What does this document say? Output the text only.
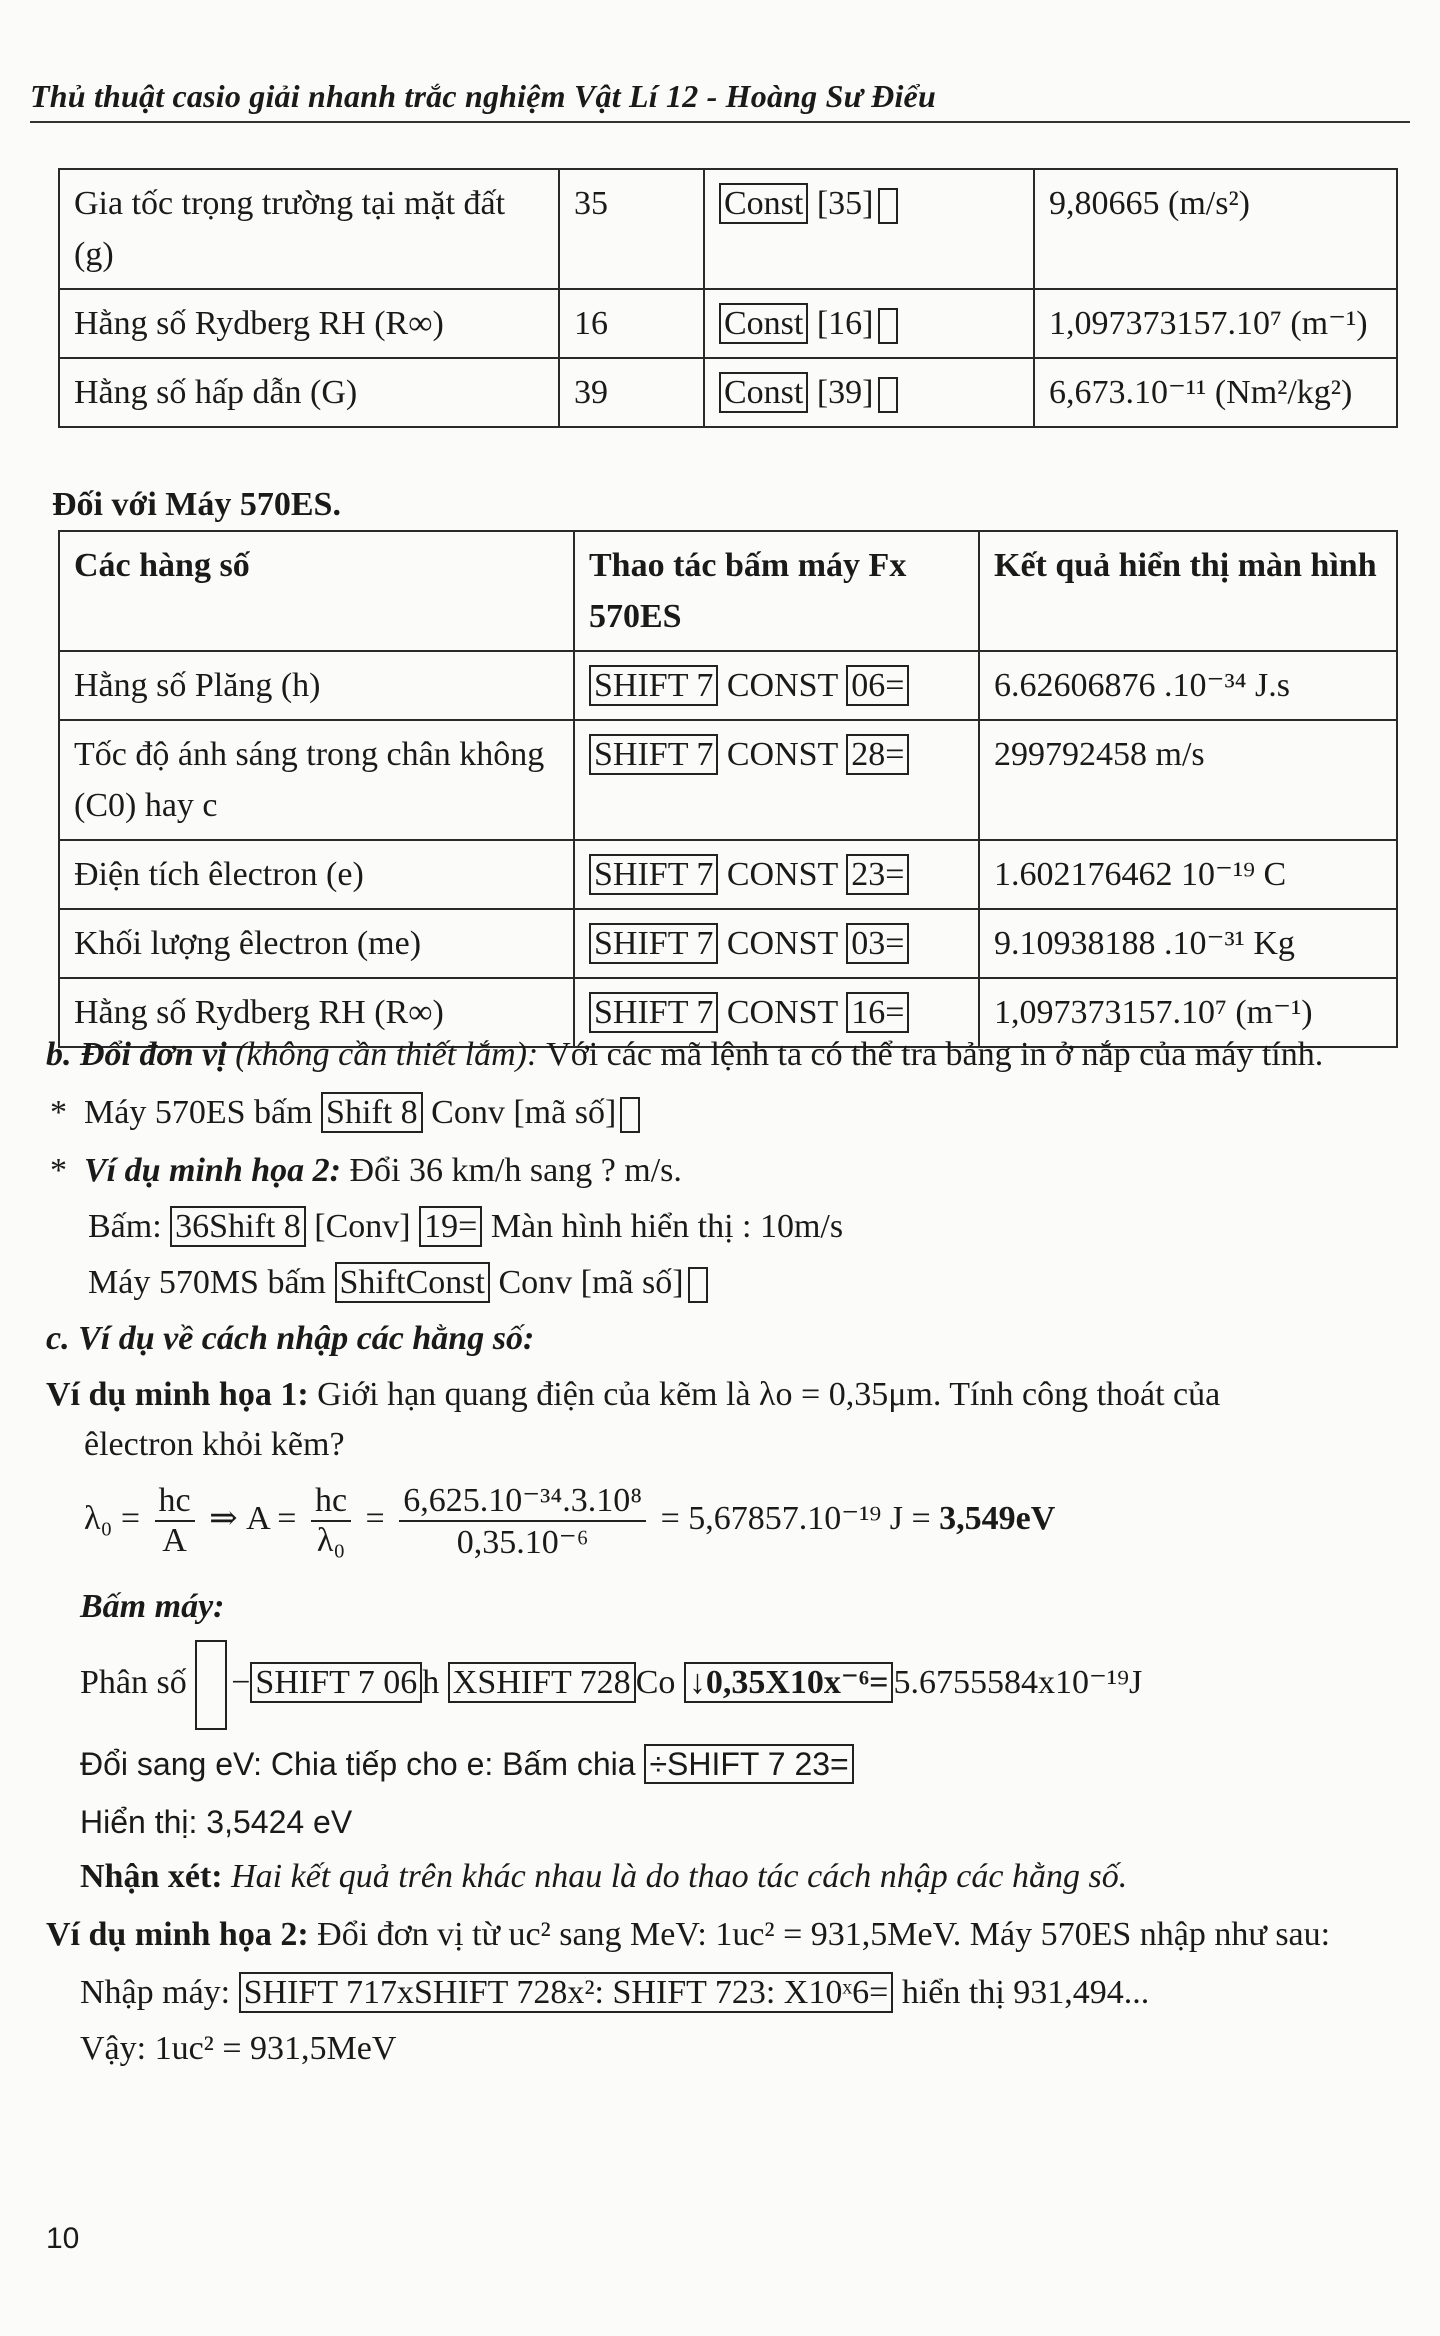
Thủ thuật casio giải nhanh trắc nghiệm Vật Lí 12 - Hoàng Sư Điểu
Gia tốc trọng trường tại mặt đất (g)	35	Const [35]	9,80665 (m/s²)
Hằng số Rydberg RH (R∞)	16	Const [16]	1,097373157.10⁷ (m⁻¹)
Hằng số hấp dẫn (G)	39	Const [39]	6,673.10⁻¹¹ (Nm²/kg²)
Đối với Máy 570ES.
Các hàng số	Thao tác bấm máy Fx 570ES	Kết quả hiển thị màn hình
Hằng số Plăng (h)	SHIFT 7 CONST 06=	6.62606876 .10⁻³⁴ J.s
Tốc độ ánh sáng trong chân không (C0) hay c	SHIFT 7 CONST 28=	299792458 m/s
Điện tích êlectron (e)	SHIFT 7 CONST 23=	1.602176462 10⁻¹⁹ C
Khối lượng êlectron (me)	SHIFT 7 CONST 03=	9.10938188 .10⁻³¹ Kg
Hằng số Rydberg RH (R∞)	SHIFT 7 CONST 16=	1,097373157.10⁷ (m⁻¹)
b. Đổi đơn vị (không cần thiết lắm): Với các mã lệnh ta có thể tra bảng in ở nắp của máy tính.
*  Máy 570ES bấm Shift 8 Conv [mã số]
*  Ví dụ minh họa 2: Đổi 36 km/h sang ? m/s.
Bấm: 36Shift 8 [Conv] 19= Màn hình hiển thị : 10m/s
Máy 570MS bấm ShiftConst Conv [mã số]
c. Ví dụ về cách nhập các hằng số:
Ví dụ minh họa 1: Giới hạn quang điện của kẽm là λo = 0,35μm. Tính công thoát của
êlectron khỏi kẽm?
$\lambda_0 = \frac{hc}{A}$ ⇒ $A = \frac{hc}{\text{λ₀}} = \frac{\text{6,625.10⁻³⁴.3.10⁸}}{\text{0,35.10⁻⁶}} = 5,67857.10^{-19}$ J = 3,549eV
Bấm máy:
Phân số − SHIFT 7 06 h XSHIFT 728 Co ↓0,35X10x⁻⁶= 5.6755584x10⁻¹⁹J
Đổi sang eV: Chia tiếp cho e: Bấm chia ÷SHIFT 7 23=
Hiển thị: 3,5424 eV
Nhận xét: Hai kết quả trên khác nhau là do thao tác cách nhập các hằng số.
Ví dụ minh họa 2: Đổi đơn vị từ uc² sang MeV: 1uc² = 931,5MeV. Máy 570ES nhập như sau:
Nhập máy: SHIFT 717xSHIFT 728x²: SHIFT 723: X10ˣ6= hiển thị 931,494...
Vậy: 1uc² = 931,5MeV
10
